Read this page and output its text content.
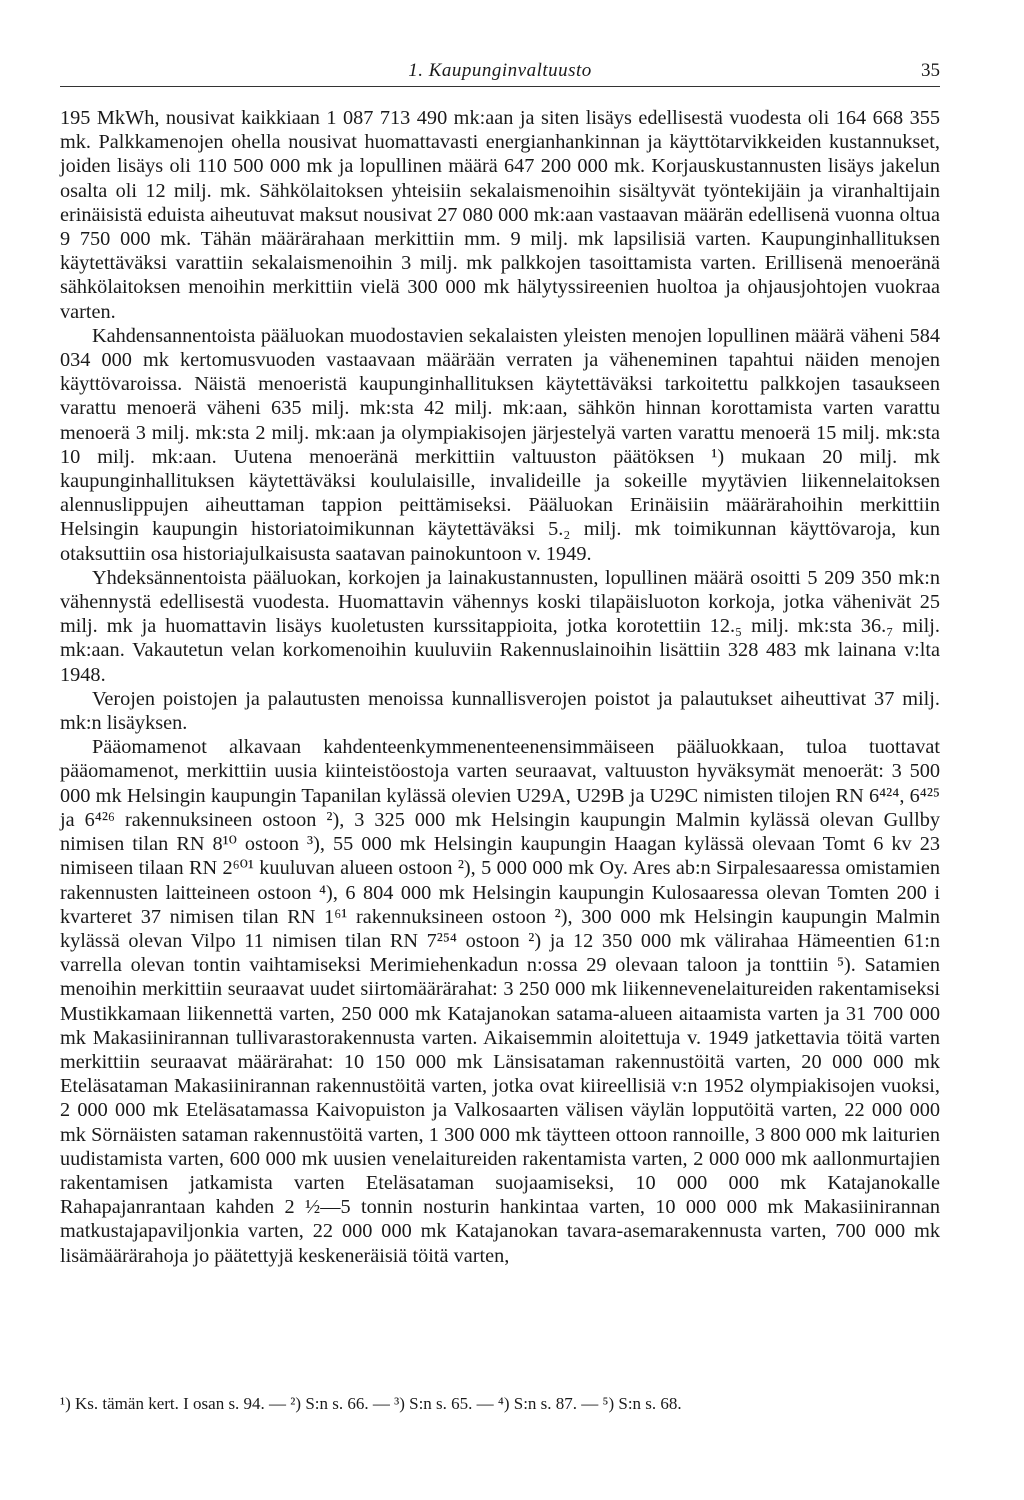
1. Kaupunginvaltuusto	35

195 MkWh, nousivat kaikkiaan 1 087 713 490 mk:aan ja siten lisäys edellisestä vuodesta oli 164 668 355 mk. Palkkamenojen ohella nousivat huomattavasti energianhankinnan ja käyttötarvikkeiden kustannukset, joiden lisäys oli 110 500 000 mk ja lopullinen määrä 647 200 000 mk. Korjauskustannusten lisäys jakelun osalta oli 12 milj. mk. Sähkölaitoksen yhteisiin sekalaismenoihin sisältyvät työntekijäin ja viranhaltijain erinäisistä eduista aiheutuvat maksut nousivat 27 080 000 mk:aan vastaavan määrän edellisenä vuonna oltua 9 750 000 mk. Tähän määrärahaan merkittiin mm. 9 milj. mk lapsilisiä varten. Kaupunginhallituksen käytettäväksi varattiin sekalaismenoihin 3 milj. mk palkkojen tasoittamista varten. Erillisenä menoeränä sähkölaitoksen menoihin merkittiin vielä 300 000 mk hälytyssireenien huoltoa ja ohjausjohtojen vuokraa varten.

Kahdensannentoista pääluokan muodostavien sekalaisten yleisten menojen lopullinen määrä väheni 584 034 000 mk kertomusvuoden vastaavaan määrään verraten ja väheneminen tapahtui näiden menojen käyttövaroissa. Näistä menoeristä kaupunginhallituksen käytettäväksi tarkoitettu palkkojen tasaukseen varattu menoerä väheni 635 milj. mk:sta 42 milj. mk:aan, sähkön hinnan korottamista varten varattu menoerä 3 milj. mk:sta 2 milj. mk:aan ja olympiakisojen järjestelyä varten varattu menoerä 15 milj. mk:sta 10 milj. mk:aan. Uutena menoeränä merkittiin valtuuston päätöksen ¹) mukaan 20 milj. mk kaupunginhallituksen käytettäväksi koululaisille, invalideille ja sokeille myytävien liikennelaitoksen alennuslippujen aiheuttaman tappion peittämiseksi. Pääluokan Erinäisiin määrärahoihin merkittiin Helsingin kaupungin historiatoimikunnan käytettäväksi 5.₂ milj. mk toimikunnan käyttövaroja, kun otaksuttiin osa historiajulkaisusta saatavan painokuntoon v. 1949.

Yhdeksännentoista pääluokan, korkojen ja lainakustannusten, lopullinen määrä osoitti 5 209 350 mk:n vähennystä edellisestä vuodesta. Huomattavin vähennys koski tilapäisluoton korkoja, jotka vähenivät 25 milj. mk ja huomattavin lisäys kuoletusten kurssitappioita, jotka korotettiin 12.₅ milj. mk:sta 36.₇ milj. mk:aan. Vakautetun velan korkomenoihin kuuluviin Rakennuslainoihin lisättiin 328 483 mk lainana v:lta 1948.

Verojen poistojen ja palautusten menoissa kunnallisverojen poistot ja palautukset aiheuttivat 37 milj. mk:n lisäyksen.

Pääomamenot alkavaan kahdenteenkymmenenteenensimmäiseen pääluokkaan, tuloa tuottavat pääomamenot, merkittiin uusia kiinteistöostoja varten seuraavat, valtuuston hyväksymät menoerät: 3 500 000 mk Helsingin kaupungin Tapanilan kylässä olevien U29A, U29B ja U29C nimisten tilojen RN 6⁴²⁴, 6⁴²⁵ ja 6⁴²⁶ rakennuksineen ostoon ²), 3 325 000 mk Helsingin kaupungin Malmin kylässä olevan Gullby nimisen tilan RN 8¹⁰ ostoon ³), 55 000 mk Helsingin kaupungin Haagan kylässä olevaan Tomt 6 kv 23 nimiseen tilaan RN 2⁶⁰¹ kuuluvan alueen ostoon ²), 5 000 000 mk Oy. Ares ab:n Sirpalesaaressa omistamien rakennusten laitteineen ostoon ⁴), 6 804 000 mk Helsingin kaupungin Kulosaaressa olevan Tomten 200 i kvarteret 37 nimisen tilan RN 1⁶¹ rakennuksineen ostoon ²), 300 000 mk Helsingin kaupungin Malmin kylässä olevan Vilpo 11 nimisen tilan RN 7²⁵⁴ ostoon ²) ja 12 350 000 mk välirahaa Hämeentien 61:n varrella olevan tontin vaihtamiseksi Merimiehenkadun n:ossa 29 olevaan taloon ja tonttiin ⁵). Satamien menoihin merkittiin seuraavat uudet siirtomäärärahat: 3 250 000 mk liikennevenelaitureiden rakentamiseksi Mustikkamaan liikennettä varten, 250 000 mk Katajanokan satama-alueen aitaamista varten ja 31 700 000 mk Makasiinirannan tullivarastorakennusta varten. Aikaisemmin aloitettuja v. 1949 jatkettavia töitä varten merkittiin seuraavat määrärahat: 10 150 000 mk Länsisataman rakennustöitä varten, 20 000 000 mk Eteläsataman Makasiinirannan rakennustöitä varten, jotka ovat kiireellisiä v:n 1952 olympiakisojen vuoksi, 2 000 000 mk Eteläsatamassa Kaivopuiston ja Valkosaarten välisen väylän lopputöitä varten, 22 000 000 mk Sörnäisten sataman rakennustöitä varten, 1 300 000 mk täytteen ottoon rannoille, 3 800 000 mk laiturien uudistamista varten, 600 000 mk uusien venelaitureiden rakentamista varten, 2 000 000 mk aallonmurtajien rakentamisen jatkamista varten Eteläsataman suojaamiseksi, 10 000 000 mk Katajanokalle Rahapajanrantaan kahden 2 ½—5 tonnin nosturin hankintaa varten, 10 000 000 mk Makasiinirannan matkustajapaviljonkia varten, 22 000 000 mk Katajanokan tavara-asemarakennusta varten, 700 000 mk lisämäärärahoja jo päätettyjä keskeneräisiä töitä varten,

¹) Ks. tämän kert. I osan s. 94. — ²) S:n s. 66. — ³) S:n s. 65. — ⁴) S:n s. 87. — ⁵) S:n s. 68.
